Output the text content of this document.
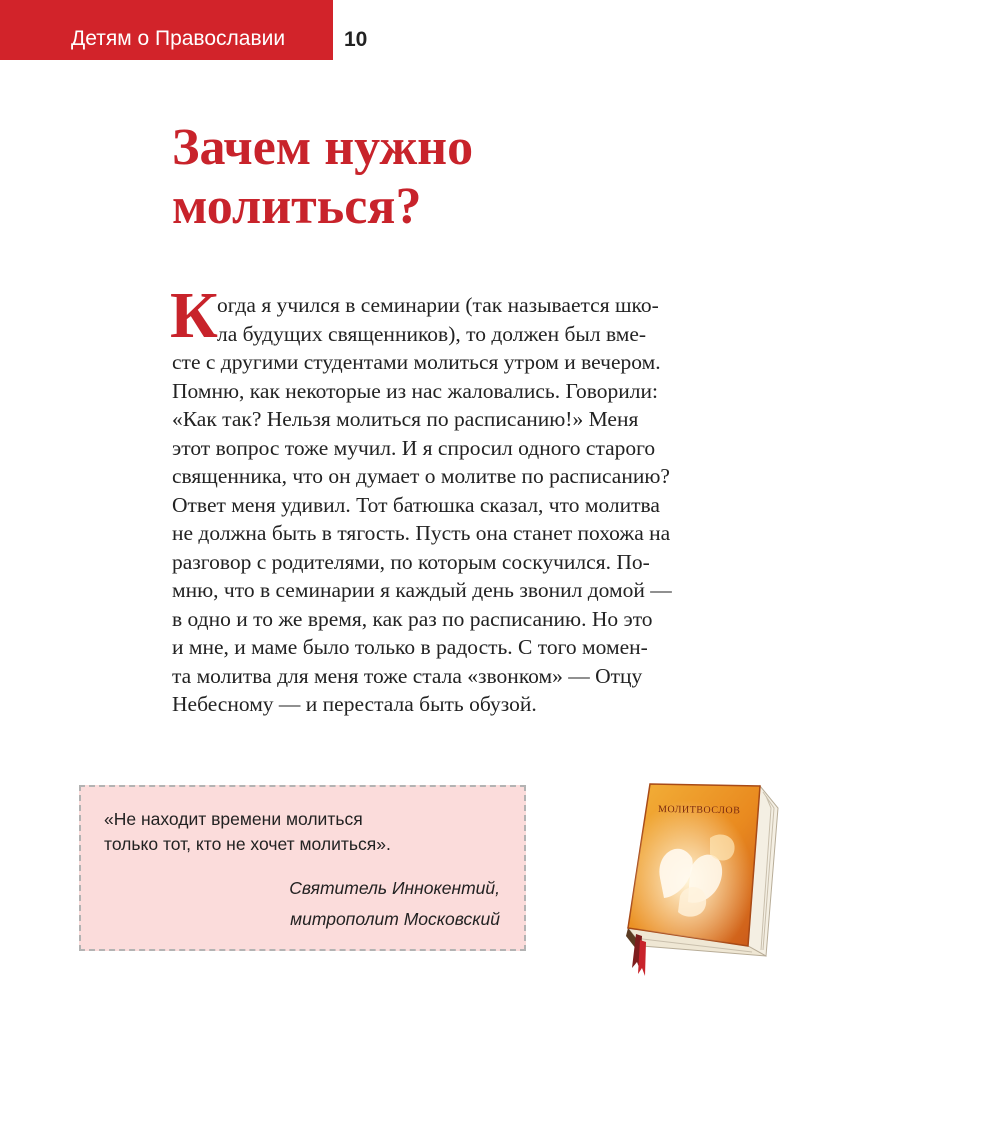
Детям о Православии	10
Зачем нужно
молиться?
К огда я учился в семинарии (так называется шко-
ла будущих священников), то должен был вме-
сте с другими студентами молиться утром и вечером.
Помню, как некоторые из нас жаловались. Говорили:
«Как так? Нельзя молиться по расписанию!» Меня
этот вопрос тоже мучил. И я спросил одного старого
священника, что он думает о молитве по расписанию?
Ответ меня удивил. Тот батюшка сказал, что молитва
не должна быть в тягость. Пусть она станет похожа на
разговор с родителями, по которым соскучился. По-
мню, что в семинарии я каждый день звонил домой —
в одно и то же время, как раз по расписанию. Но это
и мне, и маме было только в радость. С того момен-
та молитва для меня тоже стала «звонком» — Отцу
Небесному — и перестала быть обузой.
«Не находит времени молиться
только тот, кто не хочет молиться».
Святитель Иннокентий,
митрополит Московский
МОЛИТВОСЛОВ
